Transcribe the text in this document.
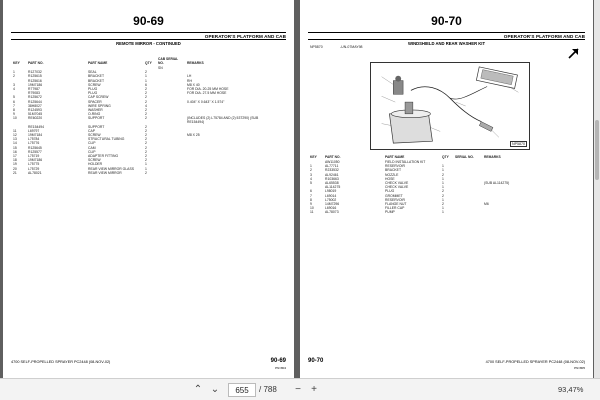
90-69
OPERATOR'S PLATFORM AND CAB
REMOTE MIRROR - CONTINUED
KEY	PART NO.	PART NAME	QTY
CAB SERIAL NO.	REMARKS
SN
1	R127032	SEAL	2
2	R125615	BRACKET	1	LH
R125616	BRACKET	1	RH
3	19M7186	SCREW	6	M8 X 40
4	R77987	PLUG	2	FOR DIA. 20-25 MM HOSE
R79083	PLUG	2	FOR DIA. 27.5 MM HOSE
5	R125672	CAP SCREW	2
6	R125644	SPACER	2	0.404" X 0.643" X 1.574"
7	38H8027	WIRE SPRING	4
8	R124593	WASHER	2
9	51M7045	O-RING	2
10	RE60220	SUPPORT	2	(INCLUDES (2) L75784 AND (2) 53T290) (SUB
RE154494)
RE154494	SUPPORT	2
11	L69797	CAP	2
12	19M7184	SCREW	2	M8 X 25
13	L75784	STRUCTURAL TUBING	2
14	L75776	CLIP	2
15	R125645	CAM	2
16	R125577	CLIP	2
17	L75719	ADAPTER FITTING	2
18	19M7186	SCREW	2
19	L75775	HOLDER	1
20	L75729	REAR VIEW MIRROR GLASS	1
21	AL78021	REAR VIEW MIRROR	2
4700 SELF-PROPELLED SPRAYER PC2448 (08-NOV-02)	90-69
PN=804
90-70
OPERATOR'S PLATFORM AND CAB
WINDSHIELD AND REAR WASHER KIT
NP5870	-UN-07MAY98
NP5870
KEY	PART NO.	PART NAME	QTY	SERIAL NO.	REMARKS
AW11050	FIELD INSTALLATION KIT
1	AL77711	RESERVOIR	1
2	R233532	BRACKET	1
3	AL92461	NOZZLE	2
4	R103663	HOSE	1
5	AL65538	CHECK VALVE	1	(SUB AL114275)
AL114275	CHECK VALVE	1
6	L98019	PLUG	2
7	L69014	GROMMET	2
8	L75002	RESERVOIR	1
9	14M7296	FLANGE NUT	2	M6
10	L69016	FILLER CAP	1
11	AL78073	PUMP	1
90-70	4700 SELF-PROPELLED SPRAYER PC2448 (08-NOV-02)
PN=805
⌃ ⌄
655	/ 788	−	+	93,47%
